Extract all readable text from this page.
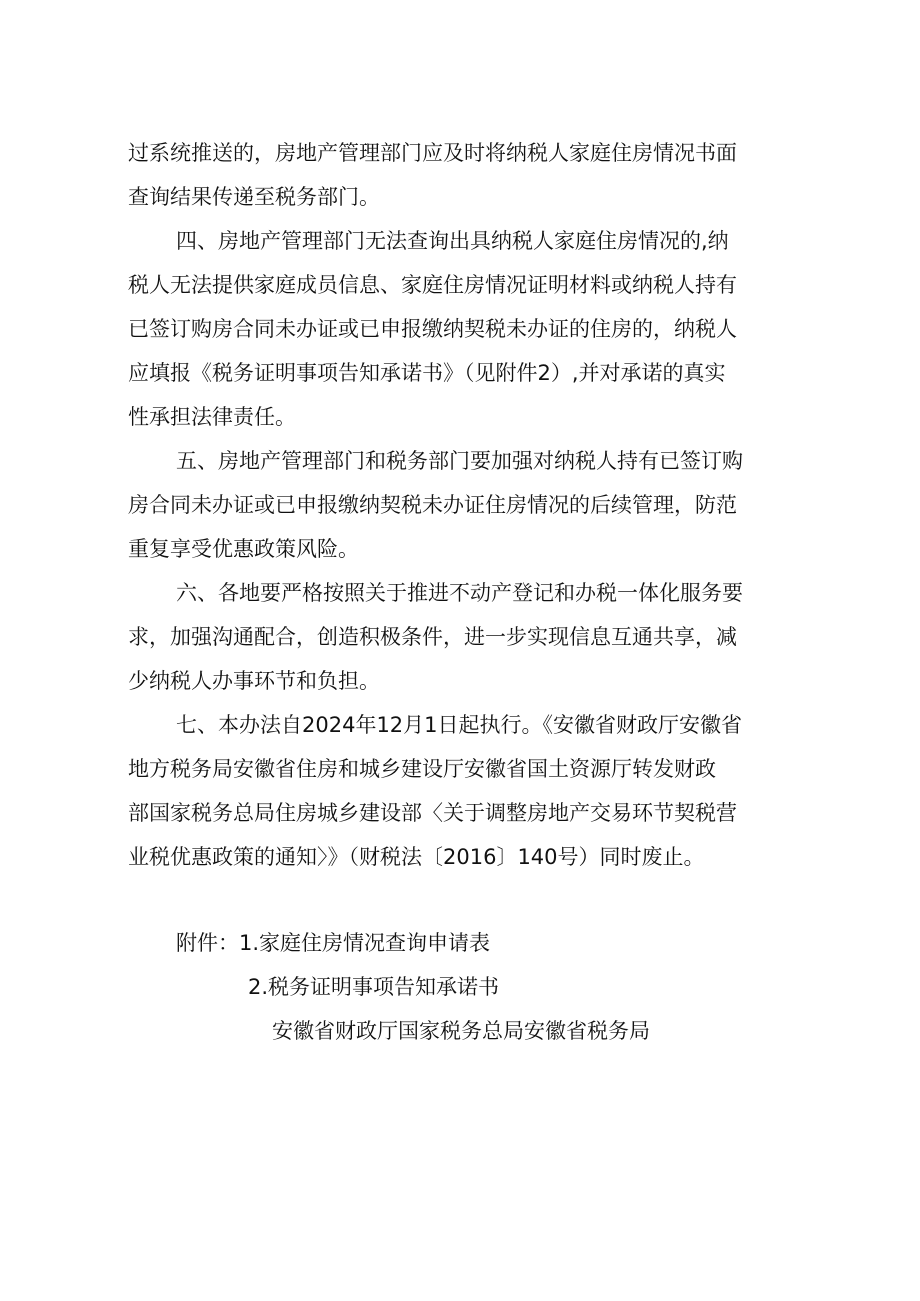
过系统推送的，房地产管理部门应及时将纳税人家庭住房情况书面
查询结果传递至税务部门。
四、房地产管理部门无法查询出具纳税人家庭住房情况的,纳
税人无法提供家庭成员信息、家庭住房情况证明材料或纳税人持有
已签订购房合同未办证或已申报缴纳契税未办证的住房的，纳税人
应填报《税务证明事项告知承诺书》（见附件2）,并对承诺的真实
性承担法律责任。
五、房地产管理部门和税务部门要加强对纳税人持有已签订购
房合同未办证或已申报缴纳契税未办证住房情况的后续管理，防范
重复享受优惠政策风险。
六、各地要严格按照关于推进不动产登记和办税一体化服务要
求，加强沟通配合，创造积极条件，进一步实现信息互通共享，减
少纳税人办事环节和负担。
七、本办法自2024年12月1日起执行。《安徽省财政厅安徽省
地方税务局安徽省住房和城乡建设厅安徽省国土资源厅转发财政
部国家税务总局住房城乡建设部〈关于调整房地产交易环节契税营
业税优惠政策的通知〉》（财税法〔2016〕140号）同时废止。
附件：1.家庭住房情况查询申请表
2.税务证明事项告知承诺书
安徽省财政厅国家税务总局安徽省税务局
